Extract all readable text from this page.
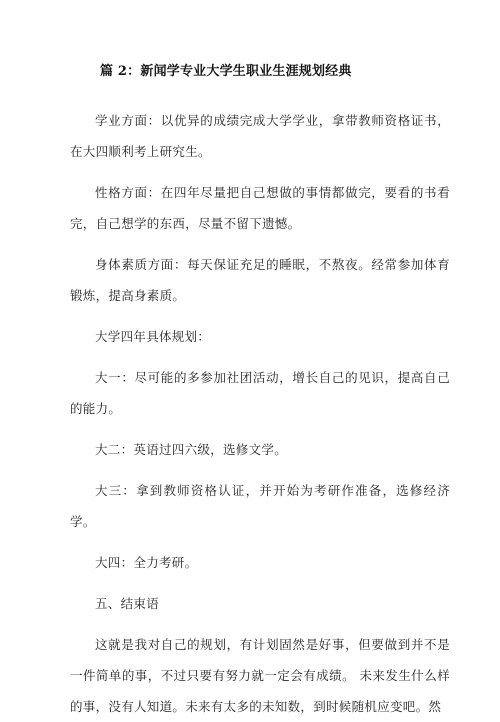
篇 2：新闻学专业大学生职业生涯规划经典

学业方面：以优异的成绩完成大学学业，拿带教师资格证书，在大四顺利考上研究生。

性格方面：在四年尽量把自己想做的事情都做完，要看的书看完，自己想学的东西，尽量不留下遗憾。

身体素质方面：每天保证充足的睡眠，不熬夜。经常参加体育锻炼，提高身素质。

大学四年具体规划：

大一：尽可能的多参加社团活动，增长自己的见识，提高自己的能力。

大二：英语过四六级，选修文学。

大三：拿到教师资格认证，并开始为考研作准备，选修经济学。

大四：全力考研。

五、结束语

这就是我对自己的规划，有计划固然是好事，但要做到并不是一件简单的事，不过只要有努力就一定会有成绩。 未来发生什么样的事，没有人知道。未来有太多的未知数，到时候随机应变吧。然
